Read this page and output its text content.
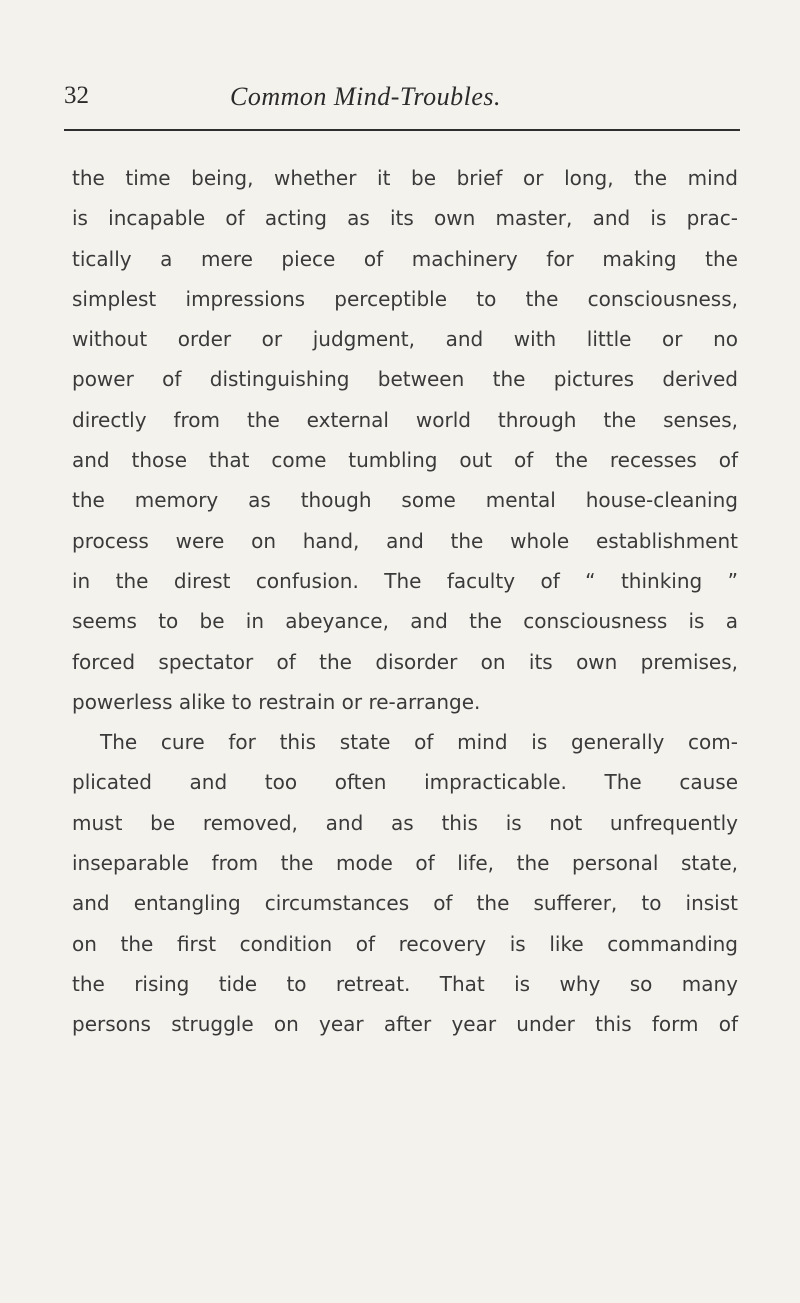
32	Common Mind-Troubles.
the time being, whether it be brief or long, the mind
is incapable of acting as its own master, and is prac-
tically a mere piece of machinery for making the
simplest impressions perceptible to the consciousness,
without order or judgment, and with little or no
power of distinguishing between the pictures derived
directly from the external world through the senses,
and those that come tumbling out of the recesses of
the memory as though some mental house-cleaning
process were on hand, and the whole establishment
in the direst confusion. The faculty of “ thinking ”
seems to be in abeyance, and the consciousness is a
forced spectator of the disorder on its own premises,
powerless alike to restrain or re-arrange.
The cure for this state of mind is generally com-
plicated and too often impracticable. The cause
must be removed, and as this is not unfrequently
inseparable from the mode of life, the personal state,
and entangling circumstances of the sufferer, to insist
on the first condition of recovery is like commanding
the rising tide to retreat. That is why so many
persons struggle on year after year under this form of
